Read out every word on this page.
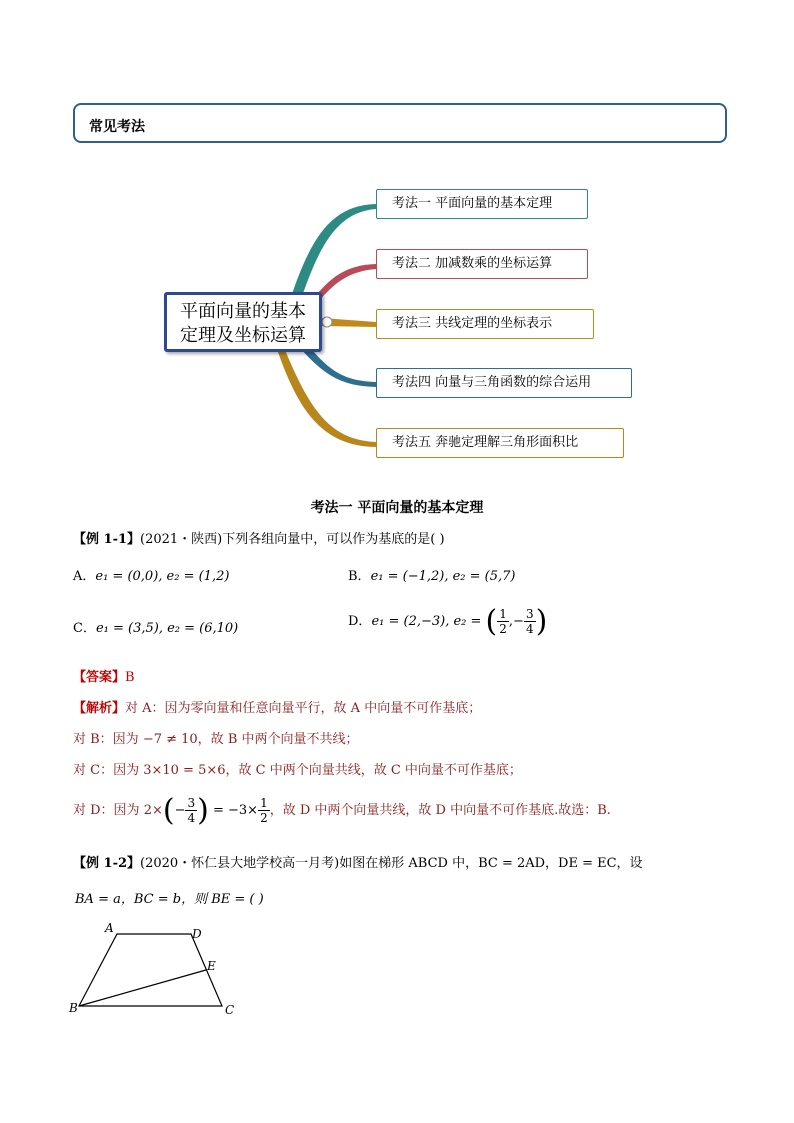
常见考法
平面向量的基本
定理及坐标运算
考法一 平面向量的基本定理
考法二 加减数乘的坐标运算
考法三 共线定理的坐标表示
考法四 向量与三角函数的综合运用
考法五 奔驰定理解三角形面积比
考法一 平面向量的基本定理
【例 1-1】(2021・陕西)下列各组向量中，可以作为基底的是( )
A．e₁ = (0,0), e₂ = (1,2)	B．e₁ = (−1,2), e₂ = (5,7)
C．e₁ = (3,5), e₂ = (6,10)	D．e₁ = (2,−3), e₂ = ( $\frac{1}{2}$ ,− $\frac{3}{4}$ )
【答案】B
【解析】对 A：因为零向量和任意向量平行，故 A 中向量不可作基底；
对 B：因为 −7 ≠ 10，故 B 中两个向量不共线；
对 C：因为 3×10 = 5×6，故 C 中两个向量共线，故 C 中向量不可作基底；
对 D：因为 $2\times(- \frac{3}{4}$ ) = $-3\times \frac{1}{2}$ ，故 D 中两个向量共线，故 D 中向量不可作基底.故选：B.
【例 1-2】(2020・怀仁县大地学校高一月考)如图在梯形 ABCD 中，BC = 2AD，DE = EC，设
BA = a，BC = b，则 BE = ( )
A	D
E
B	C
